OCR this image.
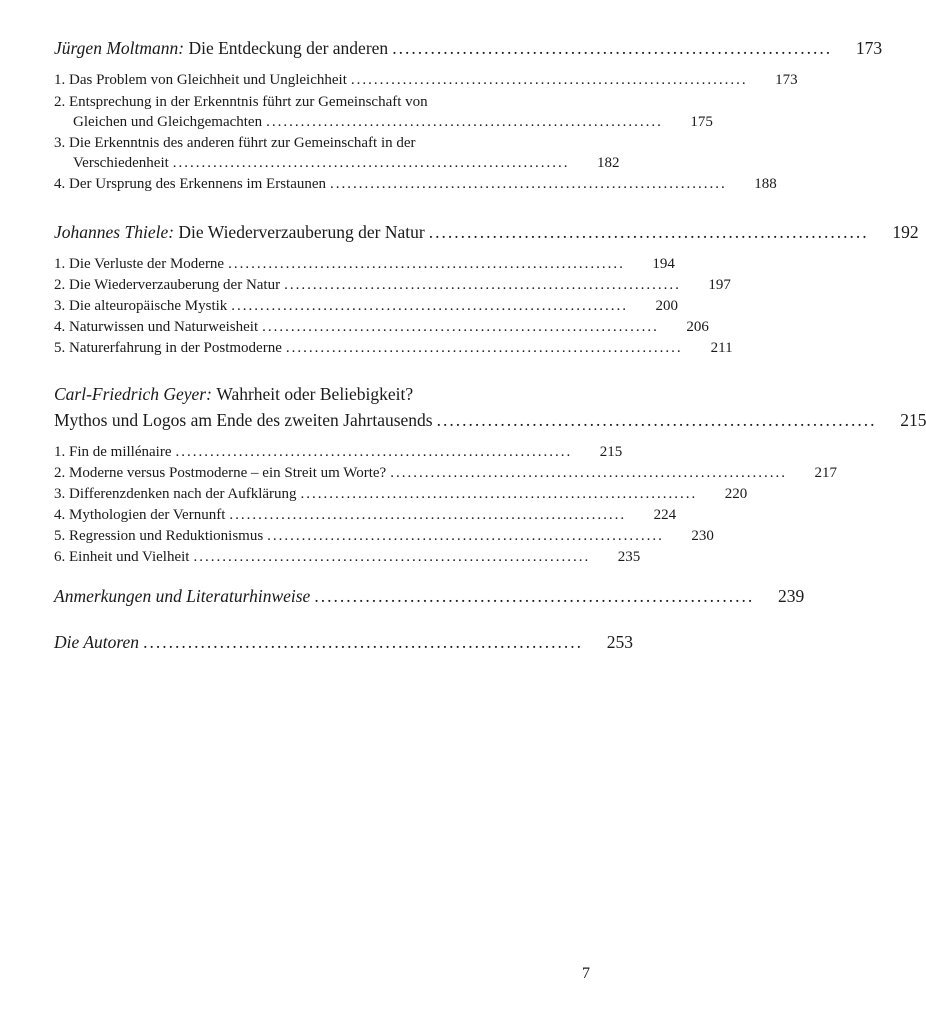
Jürgen Moltmann:
Die Entdeckung der anderen .....................................................................	173
1. Das Problem von Gleichheit und Ungleichheit .....................................................................	173
2. Entsprechung in der Erkenntnis führt zur Gemeinschaft von
Gleichen und Gleichgemachten .....................................................................	175
3. Die Erkenntnis des anderen führt zur Gemeinschaft in der
Verschiedenheit .....................................................................	182
4. Der Ursprung des Erkennens im Erstaunen .....................................................................	188
Johannes Thiele:
Die Wiederverzauberung der Natur .....................................................................	192
1. Die Verluste der Moderne .....................................................................	194
2. Die Wiederverzauberung der Natur .....................................................................	197
3. Die alteuropäische Mystik .....................................................................	200
4. Naturwissen und Naturweisheit .....................................................................	206
5. Naturerfahrung in der Postmoderne .....................................................................	211
Carl-Friedrich Geyer:
Wahrheit oder Beliebigkeit?
Mythos und Logos am Ende des zweiten Jahrtausends .....................................................................	215
1. Fin de millénaire .....................................................................	215
2. Moderne versus Postmoderne – ein Streit um Worte? .....................................................................	217
3. Differenzdenken nach der Aufklärung .....................................................................	220
4. Mythologien der Vernunft .....................................................................	224
5. Regression und Reduktionismus .....................................................................	230
6. Einheit und Vielheit .....................................................................	235
Anmerkungen und Literaturhinweise .....................................................................	239
Die Autoren .....................................................................	253
7
